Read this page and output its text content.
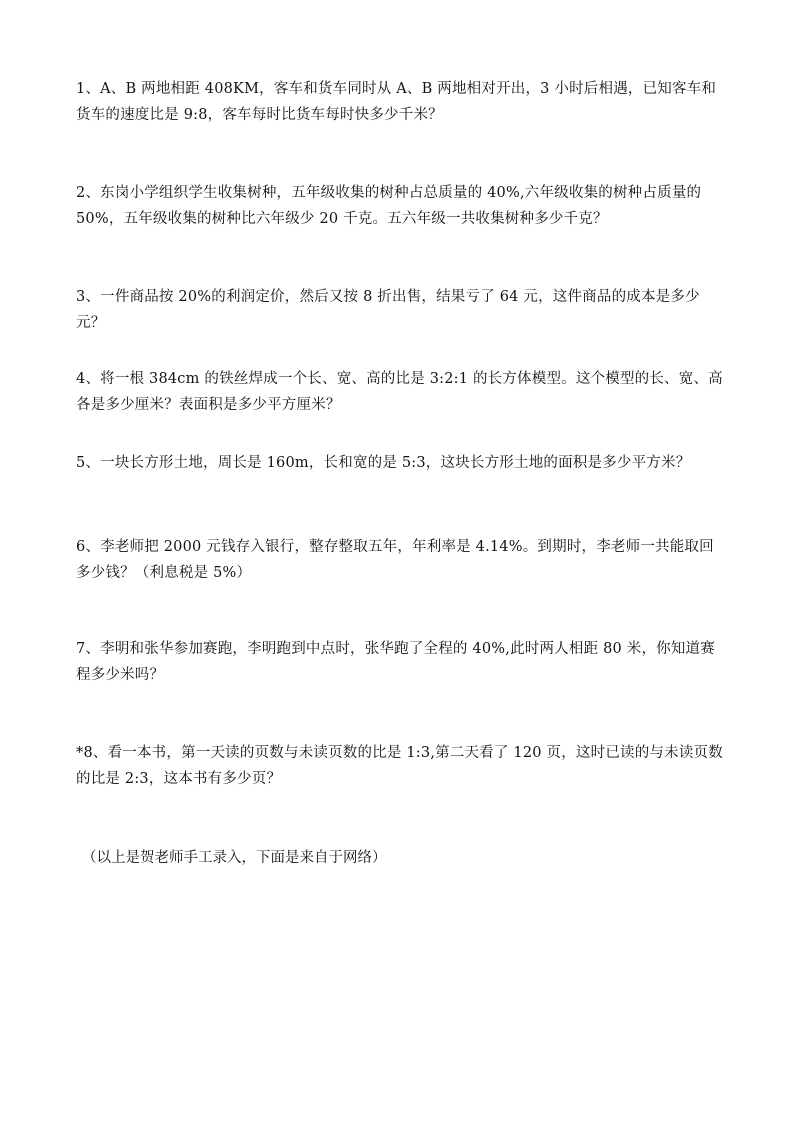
1、A、B 两地相距 408KM，客车和货车同时从 A、B 两地相对开出，3 小时后相遇，已知客车和货车的速度比是 9:8，客车每时比货车每时快多少千米？
2、东岗小学组织学生收集树种，五年级收集的树种占总质量的 40%,六年级收集的树种占质量的 50%，五年级收集的树种比六年级少 20 千克。五六年级一共收集树种多少千克？
3、一件商品按 20%的利润定价，然后又按 8 折出售，结果亏了 64 元，这件商品的成本是多少元？
4、将一根 384cm 的铁丝焊成一个长、宽、高的比是 3:2:1 的长方体模型。这个模型的长、宽、高各是多少厘米？表面积是多少平方厘米？
5、一块长方形土地，周长是 160m，长和宽的是 5:3，这块长方形土地的面积是多少平方米？
6、李老师把 2000 元钱存入银行，整存整取五年，年利率是 4.14%。到期时，李老师一共能取回多少钱？（利息税是 5%）
7、李明和张华参加赛跑，李明跑到中点时，张华跑了全程的 40%,此时两人相距 80 米，你知道赛程多少米吗？
*8、看一本书，第一天读的页数与未读页数的比是 1:3,第二天看了 120 页，这时已读的与未读页数的比是 2:3，这本书有多少页？
（以上是贺老师手工录入，下面是来自于网络）
